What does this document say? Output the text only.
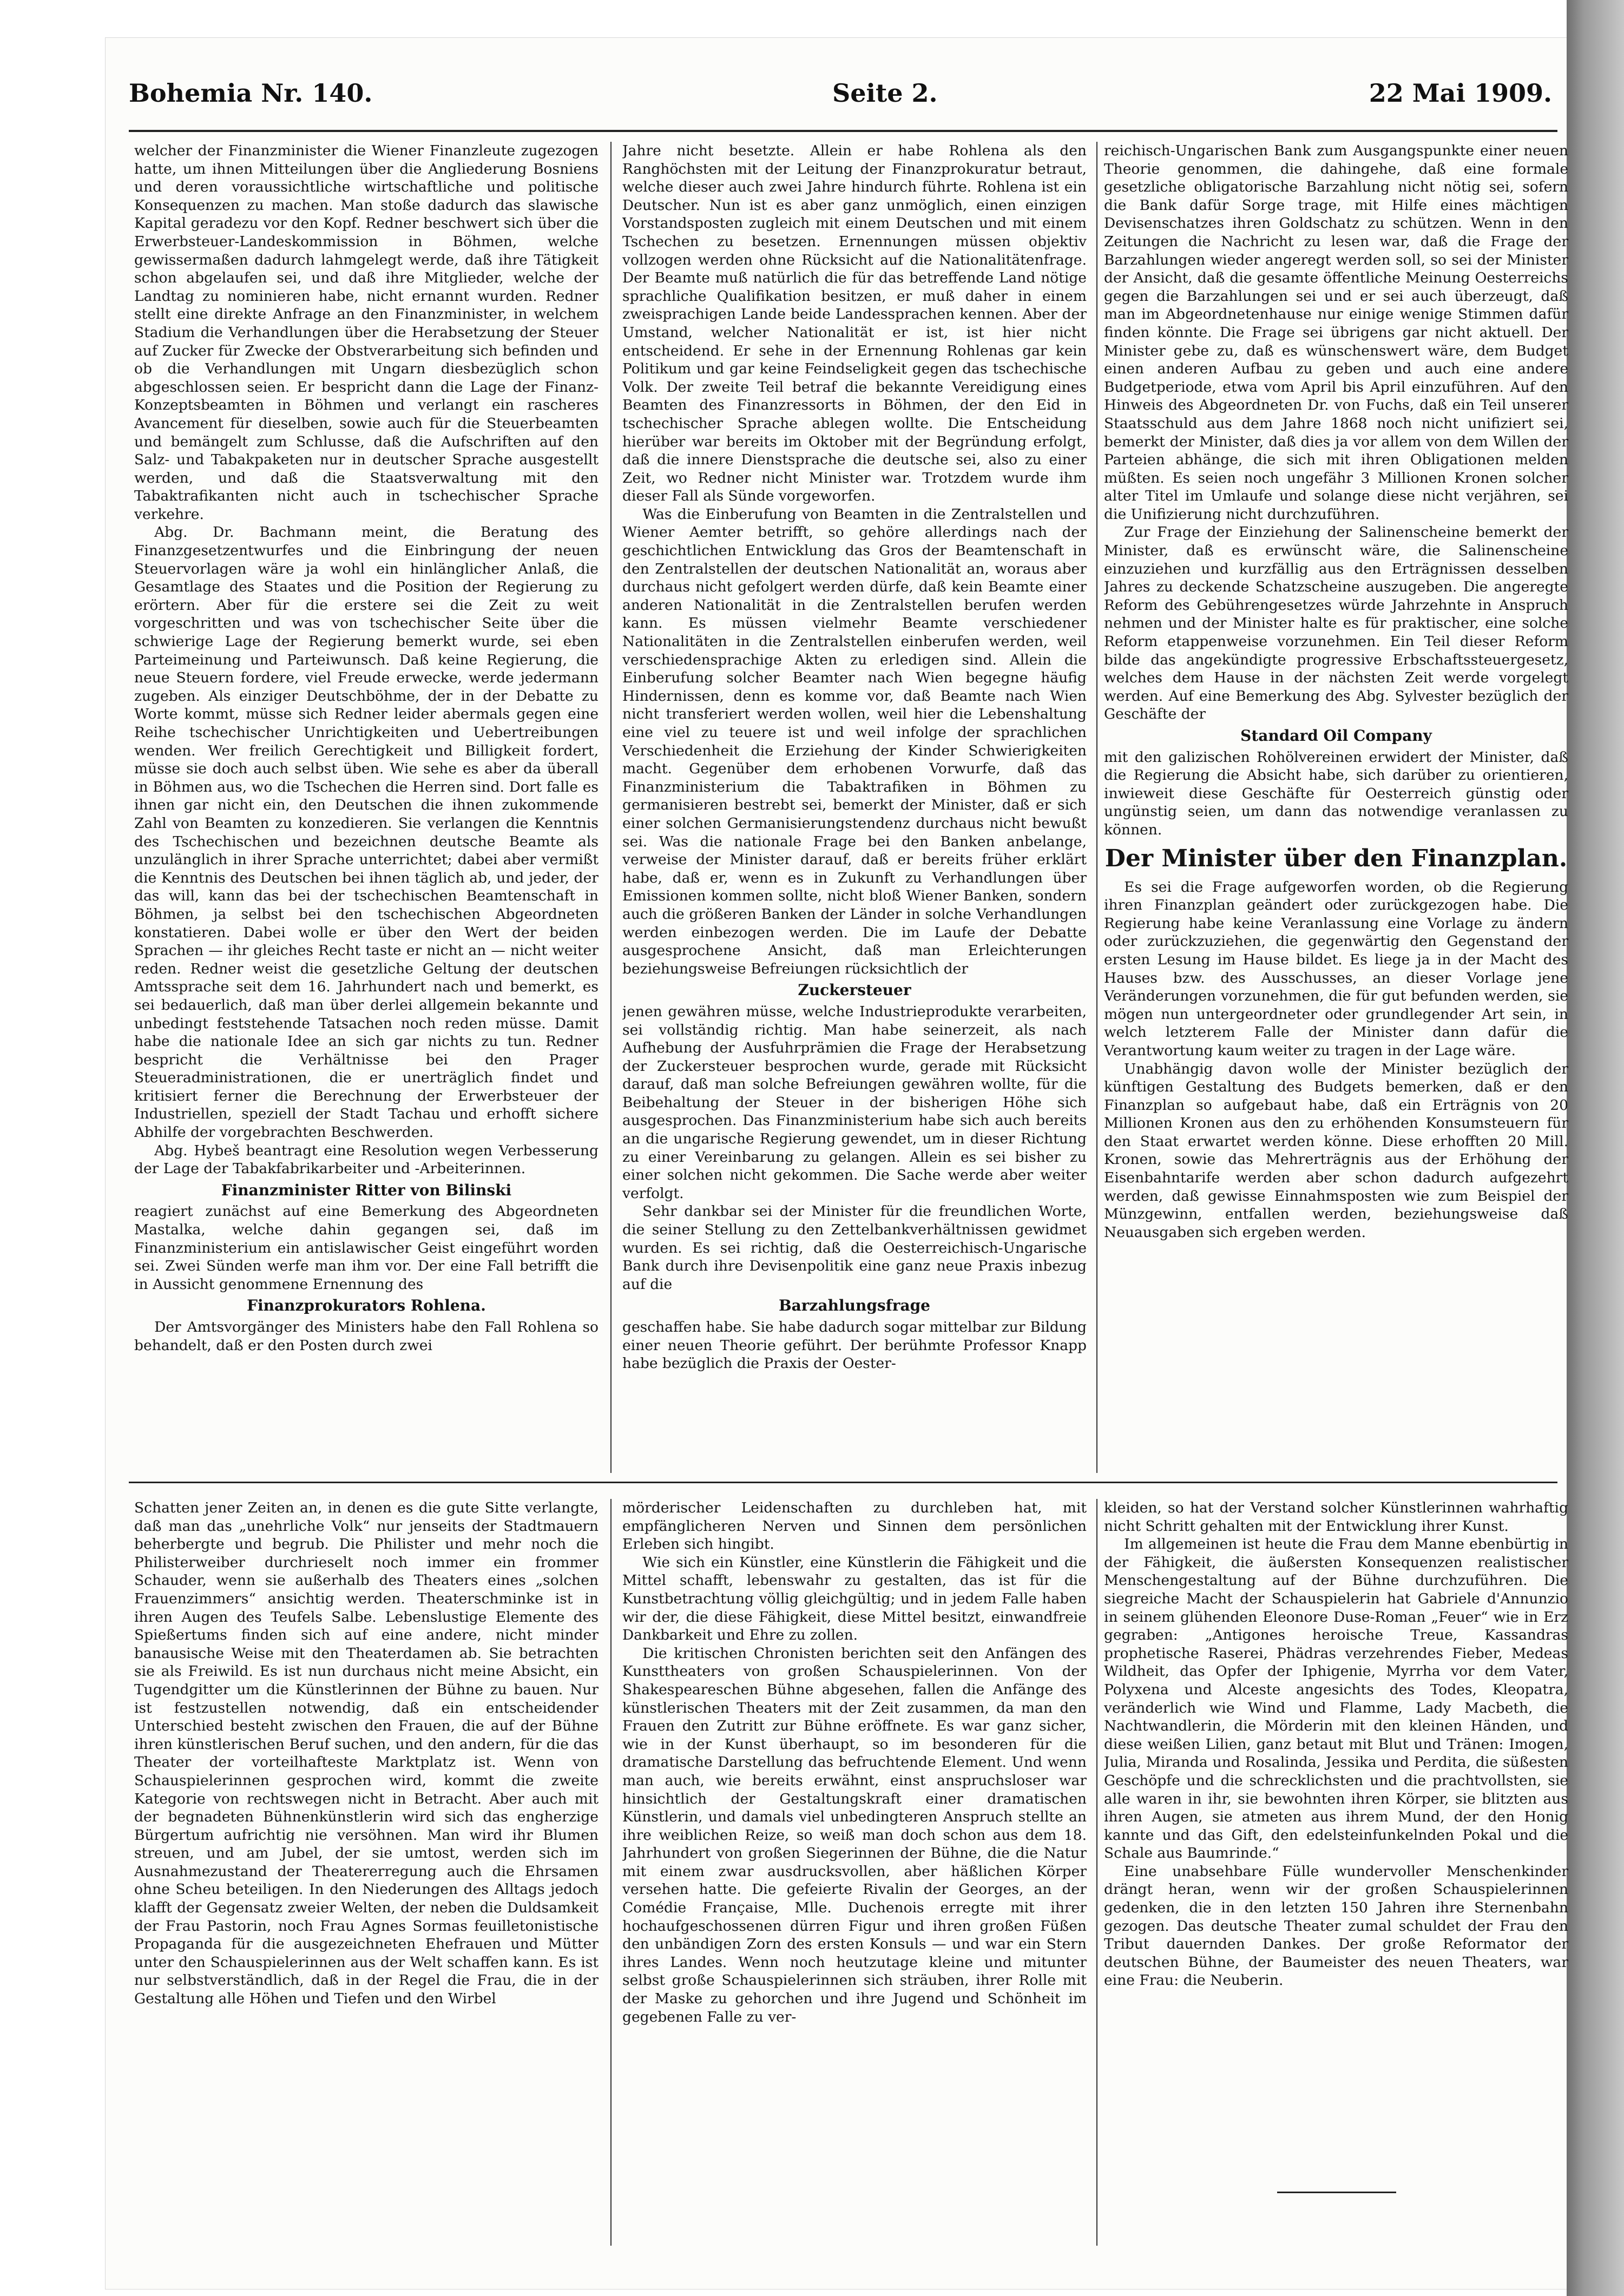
Bohemia Nr. 140.	Seite 2.	22 Mai 1909.

welcher der Finanzminister die Wiener Finanzleute zugezogen hatte, um ihnen Mitteilungen über die Angliederung Bosniens und deren voraussichtliche wirtschaftliche und politische Konsequenzen zu machen. Man stoße dadurch das slawische Kapital geradezu vor den Kopf. Redner beschwert sich über die Erwerbsteuer-Landeskommission in Böhmen, welche gewissermaßen dadurch lahmgelegt werde, daß ihre Tätigkeit schon abgelaufen sei, und daß ihre Mitglieder, welche der Landtag zu nominieren habe, nicht ernannt wurden. Redner stellt eine direkte Anfrage an den Finanzminister, in welchem Stadium die Verhandlungen über die Herabsetzung der Steuer auf Zucker für Zwecke der Obstverarbeitung sich befinden und ob die Verhandlungen mit Ungarn diesbezüglich schon abgeschlossen seien. Er bespricht dann die Lage der Finanz-Konzeptsbeamten in Böhmen und verlangt ein rascheres Avancement für dieselben, sowie auch für die Steuerbeamten und bemängelt zum Schlusse, daß die Aufschriften auf den Salz- und Tabakpaketen nur in deutscher Sprache ausgestellt werden, und daß die Staatsverwaltung mit den Tabaktrafikanten nicht auch in tschechischer Sprache verkehre.

Abg. Dr. Bachmann meint, die Beratung des Finanzgesetzentwurfes und die Einbringung der neuen Steuervorlagen wäre ja wohl ein hinlänglicher Anlaß, die Gesamtlage des Staates und die Position der Regierung zu erörtern. Aber für die erstere sei die Zeit zu weit vorgeschritten und was von tschechischer Seite über die schwierige Lage der Regierung bemerkt wurde, sei eben Parteimeinung und Parteiwunsch. Daß keine Regierung, die neue Steuern fordere, viel Freude erwecke, werde jedermann zugeben. Als einziger Deutschböhme, der in der Debatte zu Worte kommt, müsse sich Redner leider abermals gegen eine Reihe tschechischer Unrichtigkeiten und Uebertreibungen wenden. Wer freilich Gerechtigkeit und Billigkeit fordert, müsse sie doch auch selbst üben. Wie sehe es aber da überall in Böhmen aus, wo die Tschechen die Herren sind. Dort falle es ihnen gar nicht ein, den Deutschen die ihnen zukommende Zahl von Beamten zu konzedieren. Sie verlangen die Kenntnis des Tschechischen und bezeichnen deutsche Beamte als unzulänglich in ihrer Sprache unterrichtet; dabei aber vermißt die Kenntnis des Deutschen bei ihnen täglich ab, und jeder, der das will, kann das bei der tschechischen Beamtenschaft in Böhmen, ja selbst bei den tschechischen Abgeordneten konstatieren. Dabei wolle er über den Wert der beiden Sprachen — ihr gleiches Recht taste er nicht an — nicht weiter reden. Redner weist die gesetzliche Geltung der deutschen Amtssprache seit dem 16. Jahrhundert nach und bemerkt, es sei bedauerlich, daß man über derlei allgemein bekannte und unbedingt feststehende Tatsachen noch reden müsse. Damit habe die nationale Idee an sich gar nichts zu tun. Redner bespricht die Verhältnisse bei den Prager Steueradministrationen, die er unerträglich findet und kritisiert ferner die Berechnung der Erwerbsteuer der Industriellen, speziell der Stadt Tachau und erhofft sichere Abhilfe der vorgebrachten Beschwerden.

Abg. Hybeš beantragt eine Resolution wegen Verbesserung der Lage der Tabakfabrikarbeiter und -Arbeiterinnen.

Finanzminister Ritter von Bilinski

reagiert zunächst auf eine Bemerkung des Abgeordneten Mastalka, welche dahin gegangen sei, daß im Finanzministerium ein antislawischer Geist eingeführt worden sei. Zwei Sünden werfe man ihm vor. Der eine Fall betrifft die in Aussicht genommene Ernennung des

Finanzprokurators Rohlena.

Der Amtsvorgänger des Ministers habe den Fall Rohlena so behandelt, daß er den Posten durch zwei

Jahre nicht besetzte. Allein er habe Rohlena als den Ranghöchsten mit der Leitung der Finanzprokuratur betraut, welche dieser auch zwei Jahre hindurch führte. Rohlena ist ein Deutscher. Nun ist es aber ganz unmöglich, einen einzigen Vorstandsposten zugleich mit einem Deutschen und mit einem Tschechen zu besetzen. Ernennungen müssen objektiv vollzogen werden ohne Rücksicht auf die Nationalitätenfrage. Der Beamte muß natürlich die für das betreffende Land nötige sprachliche Qualifikation besitzen, er muß daher in einem zweisprachigen Lande beide Landessprachen kennen. Aber der Umstand, welcher Nationalität er ist, ist hier nicht entscheidend. Er sehe in der Ernennung Rohlenas gar kein Politikum und gar keine Feindseligkeit gegen das tschechische Volk. Der zweite Teil betraf die bekannte Vereidigung eines Beamten des Finanzressorts in Böhmen, der den Eid in tschechischer Sprache ablegen wollte. Die Entscheidung hierüber war bereits im Oktober mit der Begründung erfolgt, daß die innere Dienstsprache die deutsche sei, also zu einer Zeit, wo Redner nicht Minister war. Trotzdem wurde ihm dieser Fall als Sünde vorgeworfen.

Was die Einberufung von Beamten in die Zentralstellen und Wiener Aemter betrifft, so gehöre allerdings nach der geschichtlichen Entwicklung das Gros der Beamtenschaft in den Zentralstellen der deutschen Nationalität an, woraus aber durchaus nicht gefolgert werden dürfe, daß kein Beamte einer anderen Nationalität in die Zentralstellen berufen werden kann. Es müssen vielmehr Beamte verschiedener Nationalitäten in die Zentralstellen einberufen werden, weil verschiedensprachige Akten zu erledigen sind. Allein die Einberufung solcher Beamter nach Wien begegne häufig Hindernissen, denn es komme vor, daß Beamte nach Wien nicht transferiert werden wollen, weil hier die Lebenshaltung eine viel zu teuere ist und weil infolge der sprachlichen Verschiedenheit die Erziehung der Kinder Schwierigkeiten macht. Gegenüber dem erhobenen Vorwurfe, daß das Finanzministerium die Tabaktrafiken in Böhmen zu germanisieren bestrebt sei, bemerkt der Minister, daß er sich einer solchen Germanisierungstendenz durchaus nicht bewußt sei. Was die nationale Frage bei den Banken anbelange, verweise der Minister darauf, daß er bereits früher erklärt habe, daß er, wenn es in Zukunft zu Verhandlungen über Emissionen kommen sollte, nicht bloß Wiener Banken, sondern auch die größeren Banken der Länder in solche Verhandlungen werden einbezogen werden. Die im Laufe der Debatte ausgesprochene Ansicht, daß man Erleichterungen beziehungsweise Befreiungen rücksichtlich der

Zuckersteuer

jenen gewähren müsse, welche Industrieprodukte verarbeiten, sei vollständig richtig. Man habe seinerzeit, als nach Aufhebung der Ausfuhrprämien die Frage der Herabsetzung der Zuckersteuer besprochen wurde, gerade mit Rücksicht darauf, daß man solche Befreiungen gewähren wollte, für die Beibehaltung der Steuer in der bisherigen Höhe sich ausgesprochen. Das Finanzministerium habe sich auch bereits an die ungarische Regierung gewendet, um in dieser Richtung zu einer Vereinbarung zu gelangen. Allein es sei bisher zu einer solchen nicht gekommen. Die Sache werde aber weiter verfolgt.

Sehr dankbar sei der Minister für die freundlichen Worte, die seiner Stellung zu den Zettelbankverhältnissen gewidmet wurden. Es sei richtig, daß die Oesterreichisch-Ungarische Bank durch ihre Devisenpolitik eine ganz neue Praxis inbezug auf die

Barzahlungsfrage

geschaffen habe. Sie habe dadurch sogar mittelbar zur Bildung einer neuen Theorie geführt. Der berühmte Professor Knapp habe bezüglich die Praxis der Oester-

reichisch-Ungarischen Bank zum Ausgangspunkte einer neuen Theorie genommen, die dahingehe, daß eine formale gesetzliche obligatorische Barzahlung nicht nötig sei, sofern die Bank dafür Sorge trage, mit Hilfe eines mächtigen Devisenschatzes ihren Goldschatz zu schützen. Wenn in den Zeitungen die Nachricht zu lesen war, daß die Frage der Barzahlungen wieder angeregt werden soll, so sei der Minister der Ansicht, daß die gesamte öffentliche Meinung Oesterreichs gegen die Barzahlungen sei und er sei auch überzeugt, daß man im Abgeordnetenhause nur einige wenige Stimmen dafür finden könnte. Die Frage sei übrigens gar nicht aktuell. Der Minister gebe zu, daß es wünschenswert wäre, dem Budget einen anderen Aufbau zu geben und auch eine andere Budgetperiode, etwa vom April bis April einzuführen. Auf den Hinweis des Abgeordneten Dr. von Fuchs, daß ein Teil unserer Staatsschuld aus dem Jahre 1868 noch nicht unifiziert sei, bemerkt der Minister, daß dies ja vor allem von dem Willen der Parteien abhänge, die sich mit ihren Obligationen melden müßten. Es seien noch ungefähr 3 Millionen Kronen solcher alter Titel im Umlaufe und solange diese nicht verjähren, sei die Unifizierung nicht durchzuführen.

Zur Frage der Einziehung der Salinenscheine bemerkt der Minister, daß es erwünscht wäre, die Salinenscheine einzuziehen und kurzfällig aus den Erträgnissen desselben Jahres zu deckende Schatzscheine auszugeben. Die angeregte Reform des Gebührengesetzes würde Jahrzehnte in Anspruch nehmen und der Minister halte es für praktischer, eine solche Reform etappenweise vorzunehmen. Ein Teil dieser Reform bilde das angekündigte progressive Erbschaftssteuergesetz, welches dem Hause in der nächsten Zeit werde vorgelegt werden. Auf eine Bemerkung des Abg. Sylvester bezüglich der Geschäfte der

Standard Oil Company

mit den galizischen Rohölvereinen erwidert der Minister, daß die Regierung die Absicht habe, sich darüber zu orientieren, inwieweit diese Geschäfte für Oesterreich günstig oder ungünstig seien, um dann das notwendige veranlassen zu können.

Der Minister über den Finanzplan.

Es sei die Frage aufgeworfen worden, ob die Regierung ihren Finanzplan geändert oder zurückgezogen habe. Die Regierung habe keine Veranlassung eine Vorlage zu ändern oder zurückzuziehen, die gegenwärtig den Gegenstand der ersten Lesung im Hause bildet. Es liege ja in der Macht des Hauses bzw. des Ausschusses, an dieser Vorlage jene Veränderungen vorzunehmen, die für gut befunden werden, sie mögen nun untergeordneter oder grundlegender Art sein, in welch letzterem Falle der Minister dann dafür die Verantwortung kaum weiter zu tragen in der Lage wäre.

Unabhängig davon wolle der Minister bezüglich der künftigen Gestaltung des Budgets bemerken, daß er den Finanzplan so aufgebaut habe, daß ein Erträgnis von 20 Millionen Kronen aus den zu erhöhenden Konsumsteuern für den Staat erwartet werden könne. Diese erhofften 20 Mill. Kronen, sowie das Mehrerträgnis aus der Erhöhung der Eisenbahntarife werden aber schon dadurch aufgezehrt werden, daß gewisse Einnahmsposten wie zum Beispiel der Münzgewinn, entfallen werden, beziehungsweise daß Neuausgaben sich ergeben werden.

Schatten jener Zeiten an, in denen es die gute Sitte verlangte, daß man das „unehrliche Volk“ nur jenseits der Stadtmauern beherbergte und begrub. Die Philister und mehr noch die Philisterweiber durchrieselt noch immer ein frommer Schauder, wenn sie außerhalb des Theaters eines „solchen Frauenzimmers“ ansichtig werden. Theaterschminke ist in ihren Augen des Teufels Salbe. Lebenslustige Elemente des Spießertums finden sich auf eine andere, nicht minder banausische Weise mit den Theaterdamen ab. Sie betrachten sie als Freiwild. Es ist nun durchaus nicht meine Absicht, ein Tugendgitter um die Künstlerinnen der Bühne zu bauen. Nur ist festzustellen notwendig, daß ein entscheidender Unterschied besteht zwischen den Frauen, die auf der Bühne ihren künstlerischen Beruf suchen, und den andern, für die das Theater der vorteilhafteste Marktplatz ist. Wenn von Schauspielerinnen gesprochen wird, kommt die zweite Kategorie von rechtswegen nicht in Betracht. Aber auch mit der begnadeten Bühnenkünstlerin wird sich das engherzige Bürgertum aufrichtig nie versöhnen. Man wird ihr Blumen streuen, und am Jubel, der sie umtost, werden sich im Ausnahmezustand der Theatererregung auch die Ehrsamen ohne Scheu beteiligen. In den Niederungen des Alltags jedoch klafft der Gegensatz zweier Welten, der neben die Duldsamkeit der Frau Pastorin, noch Frau Agnes Sormas feuilletonistische Propaganda für die ausgezeichneten Ehefrauen und Mütter unter den Schauspielerinnen aus der Welt schaffen kann. Es ist nur selbstverständlich, daß in der Regel die Frau, die in der Gestaltung alle Höhen und Tiefen und den Wirbel

mörderischer Leidenschaften zu durchleben hat, mit empfänglicheren Nerven und Sinnen dem persönlichen Erleben sich hingibt.

Wie sich ein Künstler, eine Künstlerin die Fähigkeit und die Mittel schafft, lebenswahr zu gestalten, das ist für die Kunstbetrachtung völlig gleichgültig; und in jedem Falle haben wir der, die diese Fähigkeit, diese Mittel besitzt, einwandfreie Dankbarkeit und Ehre zu zollen.

Die kritischen Chronisten berichten seit den Anfängen des Kunsttheaters von großen Schauspielerinnen. Von der Shakespeareschen Bühne abgesehen, fallen die Anfänge des künstlerischen Theaters mit der Zeit zusammen, da man den Frauen den Zutritt zur Bühne eröffnete. Es war ganz sicher, wie in der Kunst überhaupt, so im besonderen für die dramatische Darstellung das befruchtende Element. Und wenn man auch, wie bereits erwähnt, einst anspruchsloser war hinsichtlich der Gestaltungskraft einer dramatischen Künstlerin, und damals viel unbedingteren Anspruch stellte an ihre weiblichen Reize, so weiß man doch schon aus dem 18. Jahrhundert von großen Siegerinnen der Bühne, die die Natur mit einem zwar ausdrucksvollen, aber häßlichen Körper versehen hatte. Die gefeierte Rivalin der Georges, an der Comédie Française, Mlle. Duchenois erregte mit ihrer hochaufgeschossenen dürren Figur und ihren großen Füßen den unbändigen Zorn des ersten Konsuls — und war ein Stern ihres Landes. Wenn noch heutzutage kleine und mitunter selbst große Schauspielerinnen sich sträuben, ihrer Rolle mit der Maske zu gehorchen und ihre Jugend und Schönheit im gegebenen Falle zu ver-

kleiden, so hat der Verstand solcher Künstlerinnen wahrhaftig nicht Schritt gehalten mit der Entwicklung ihrer Kunst.

Im allgemeinen ist heute die Frau dem Manne ebenbürtig in der Fähigkeit, die äußersten Konsequenzen realistischer Menschengestaltung auf der Bühne durchzuführen. Die siegreiche Macht der Schauspielerin hat Gabriele d'Annunzio in seinem glühenden Eleonore Duse-Roman „Feuer“ wie in Erz gegraben: „Antigones heroische Treue, Kassandras prophetische Raserei, Phädras verzehrendes Fieber, Medeas Wildheit, das Opfer der Iphigenie, Myrrha vor dem Vater, Polyxena und Alceste angesichts des Todes, Kleopatra, veränderlich wie Wind und Flamme, Lady Macbeth, die Nachtwandlerin, die Mörderin mit den kleinen Händen, und diese weißen Lilien, ganz betaut mit Blut und Tränen: Imogen, Julia, Miranda und Rosalinda, Jessika und Perdita, die süßesten Geschöpfe und die schrecklichsten und die prachtvollsten, sie alle waren in ihr, sie bewohnten ihren Körper, sie blitzten aus ihren Augen, sie atmeten aus ihrem Mund, der den Honig kannte und das Gift, den edelsteinfunkelnden Pokal und die Schale aus Baumrinde.“

Eine unabsehbare Fülle wundervoller Menschenkinder drängt heran, wenn wir der großen Schauspielerinnen gedenken, die in den letzten 150 Jahren ihre Sternenbahn gezogen. Das deutsche Theater zumal schuldet der Frau den Tribut dauernden Dankes. Der große Reformator der deutschen Bühne, der Baumeister des neuen Theaters, war eine Frau: die Neuberin.
